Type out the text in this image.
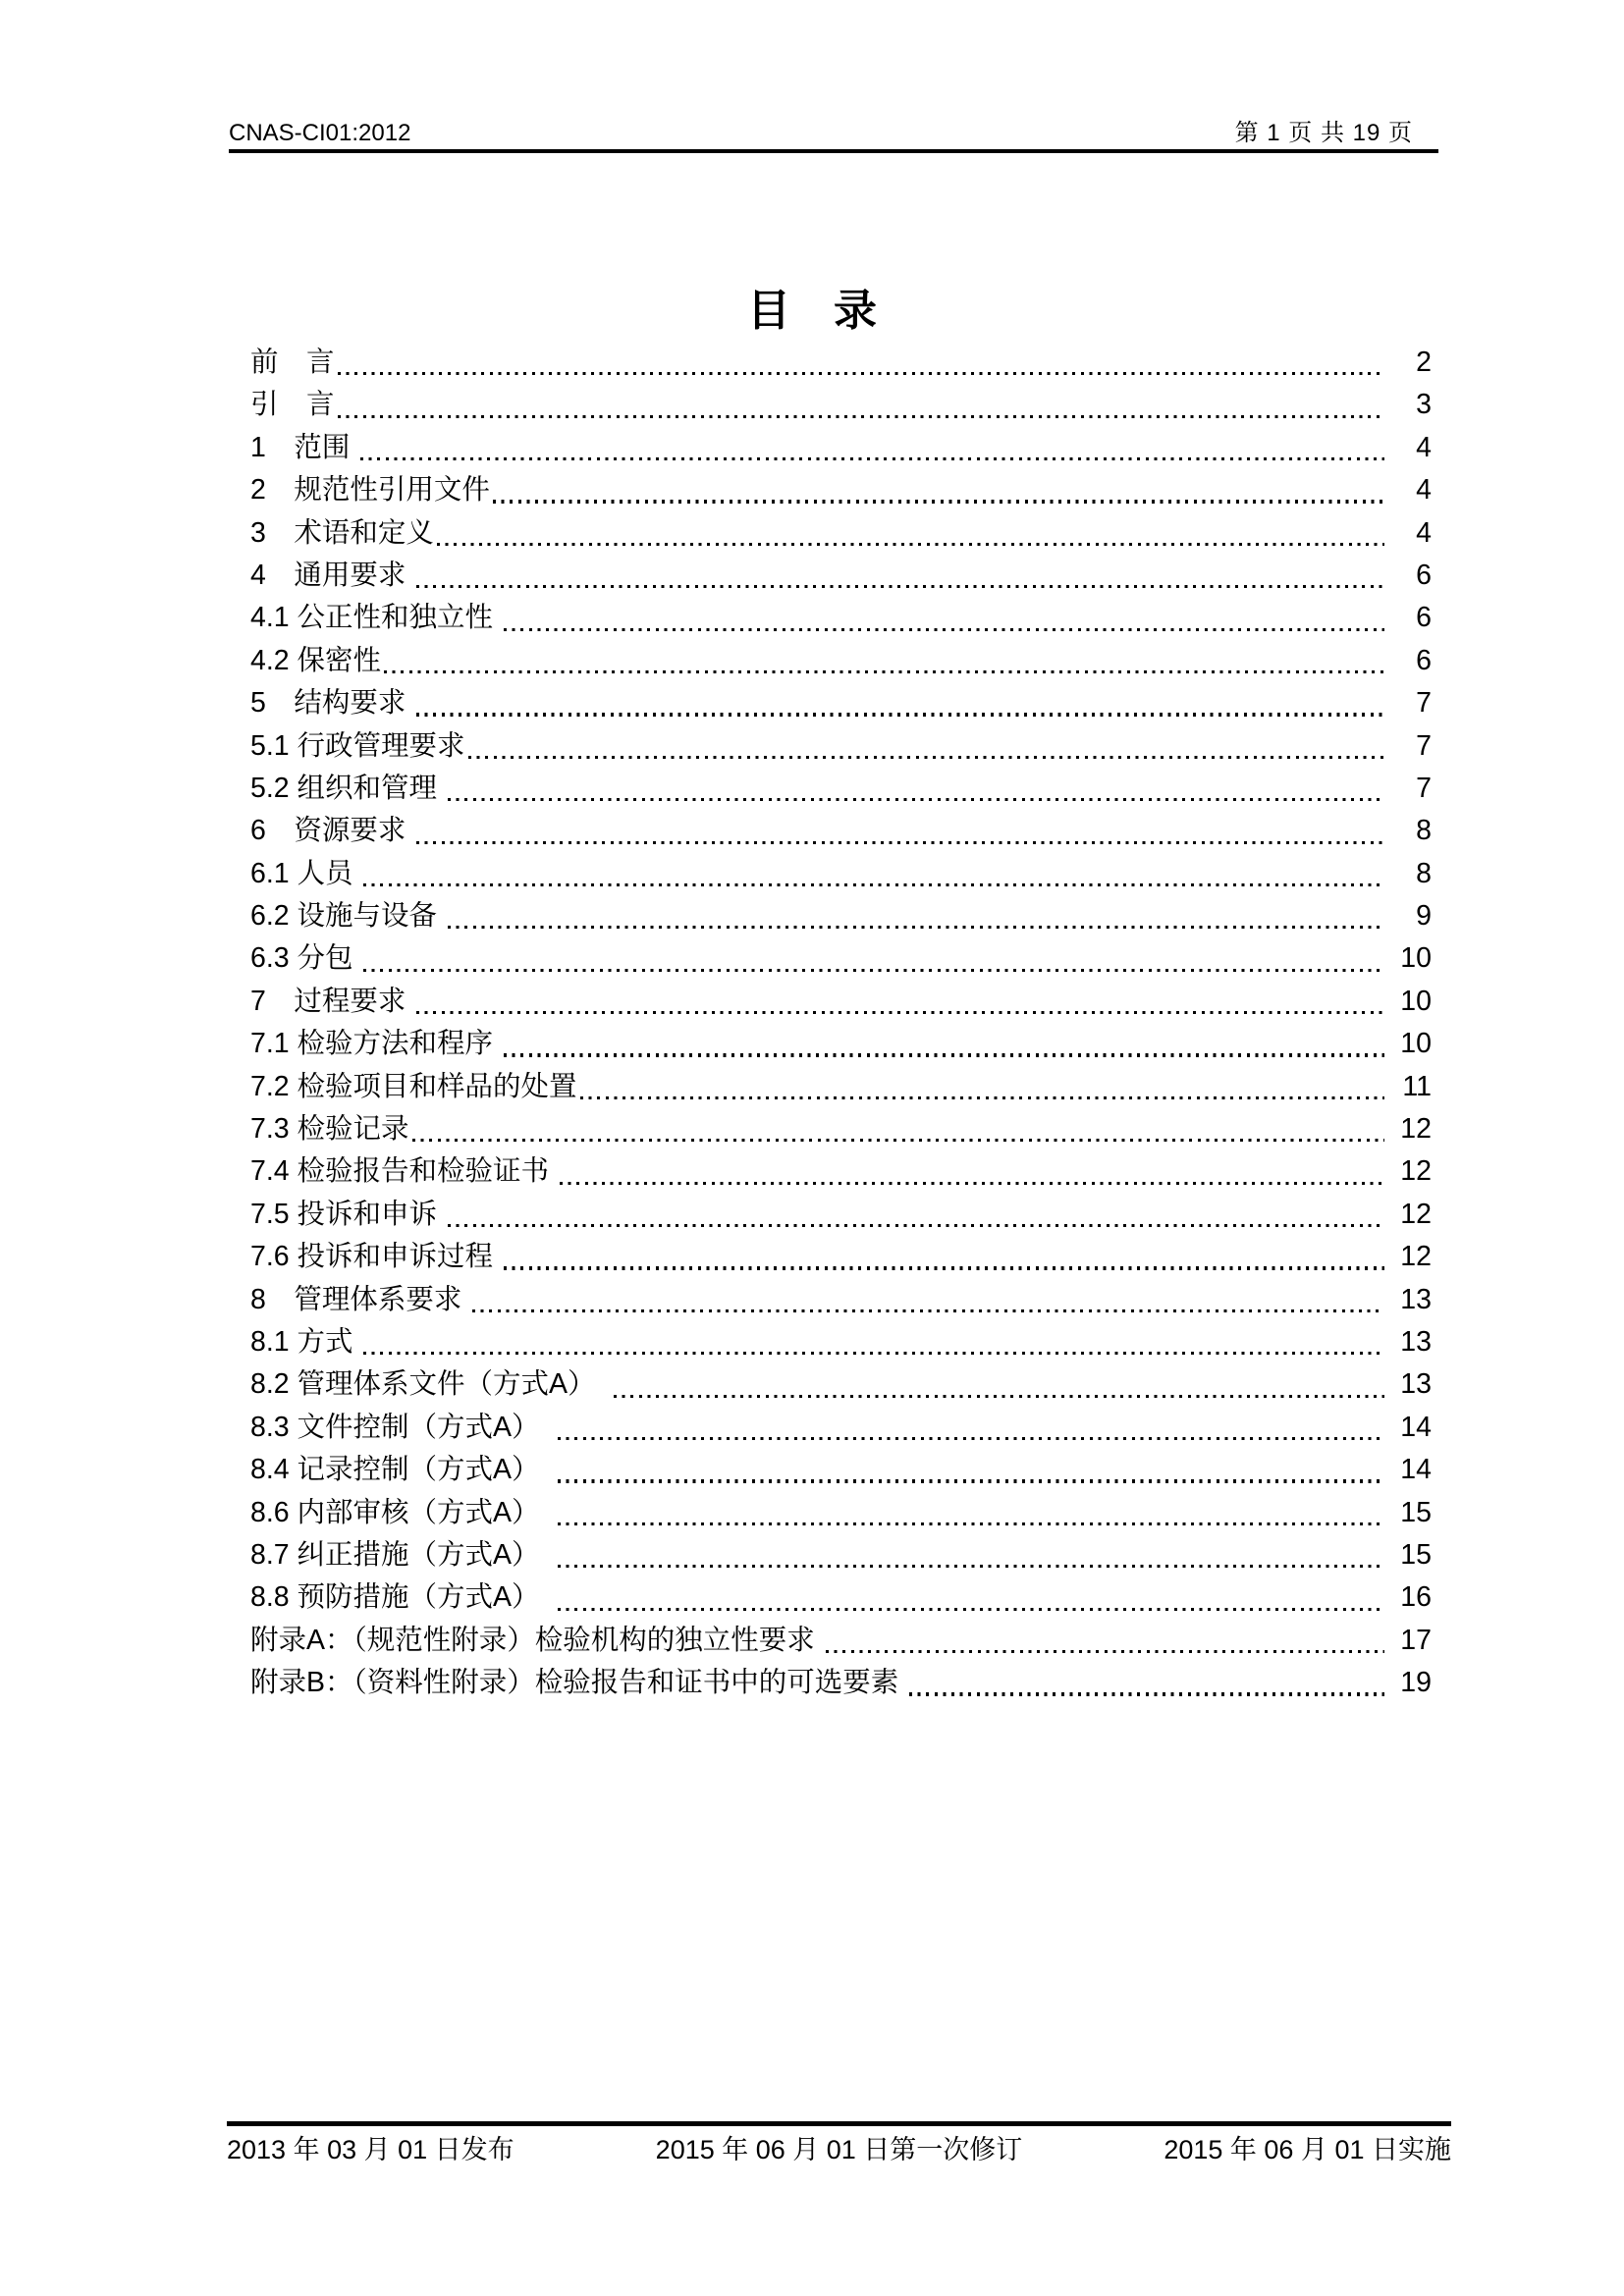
CNAS-CI01:2012	第 1 页 共 19 页
目　录
前　言	2
引　言	3
1　范围	4
2　规范性引用文件	4
3　术语和定义	4
4　通用要求	6
4.1 公正性和独立性	6
4.2 保密性	6
5　结构要求	7
5.1 行政管理要求	7
5.2 组织和管理	7
6　资源要求	8
6.1 人员	8
6.2 设施与设备	9
6.3 分包	10
7　过程要求	10
7.1 检验方法和程序	10
7.2 检验项目和样品的处置	11
7.3 检验记录	12
7.4 检验报告和检验证书	12
7.5 投诉和申诉	12
7.6 投诉和申诉过程	12
8　管理体系要求	13
8.1 方式	13
8.2 管理体系文件（方式A）	13
8.3 文件控制（方式A）	14
8.4 记录控制（方式A）	14
8.6 内部审核（方式A）	15
8.7 纠正措施（方式A）	15
8.8 预防措施（方式A）	16
附录A：（规范性附录）检验机构的独立性要求	17
附录B：（资料性附录）检验报告和证书中的可选要素	19
2013 年 03 月 01 日发布	2015 年 06 月 01 日第一次修订	2015 年 06 月 01 日实施
